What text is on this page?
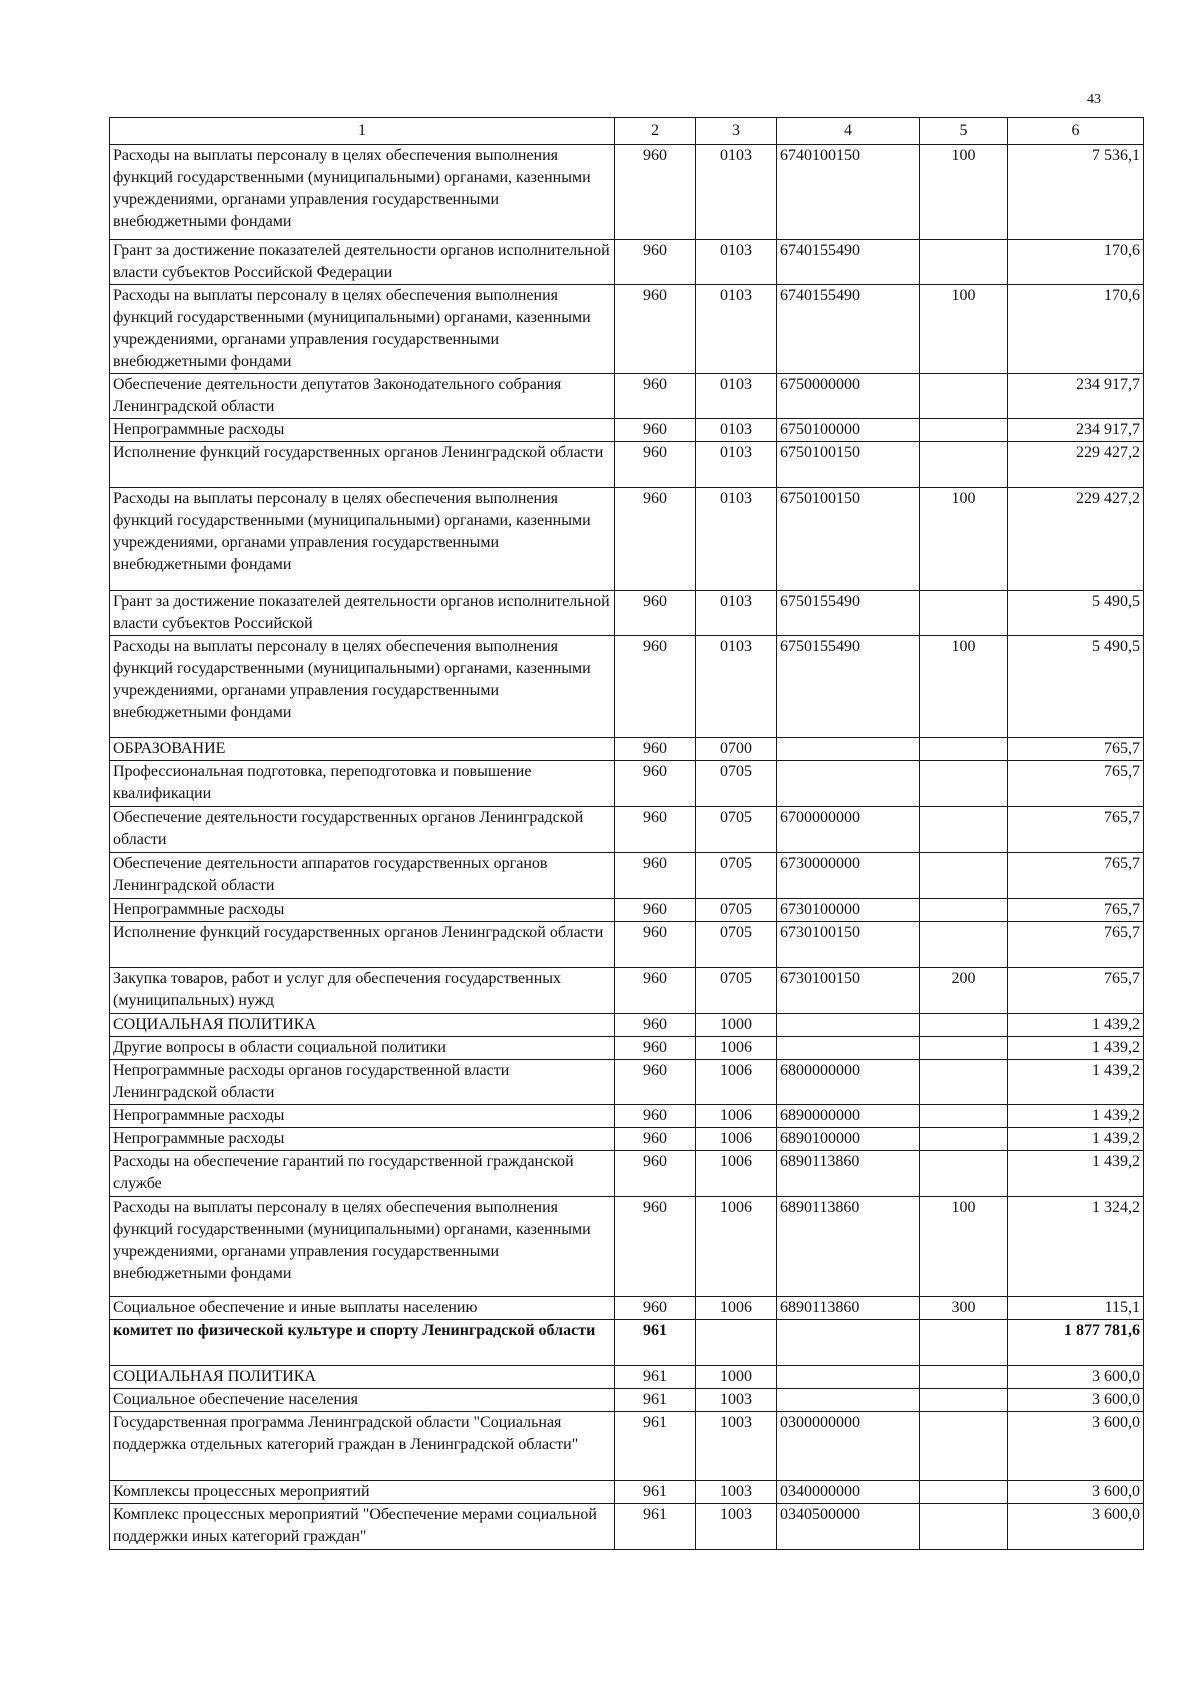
43
1	2	3	4	5	6
Расходы на выплаты персоналу в целях обеспечения выполнения функций государственными (муниципальными) органами, казенными учреждениями, органами управления государственными внебюджетными фондами	960	0103	6740100150	100	7 536,1
Грант за достижение показателей деятельности органов исполнительной власти субъектов Российской Федерации	960	0103	6740155490		170,6
Расходы на выплаты персоналу в целях обеспечения выполнения функций государственными (муниципальными) органами, казенными учреждениями, органами управления государственными внебюджетными фондами	960	0103	6740155490	100	170,6
Обеспечение деятельности депутатов Законодательного собрания Ленинградской области	960	0103	6750000000		234 917,7
Непрограммные расходы	960	0103	6750100000		234 917,7
Исполнение функций государственных органов Ленинградской области	960	0103	6750100150		229 427,2
Расходы на выплаты персоналу в целях обеспечения выполнения функций государственными (муниципальными) органами, казенными учреждениями, органами управления государственными внебюджетными фондами	960	0103	6750100150	100	229 427,2
Грант за достижение показателей деятельности органов исполнительной власти субъектов Российской	960	0103	6750155490		5 490,5
Расходы на выплаты персоналу в целях обеспечения выполнения функций государственными (муниципальными) органами, казенными учреждениями, органами управления государственными внебюджетными фондами	960	0103	6750155490	100	5 490,5
ОБРАЗОВАНИЕ	960	0700			765,7
Профессиональная подготовка, переподготовка и повышение квалификации	960	0705			765,7
Обеспечение деятельности государственных органов Ленинградской области	960	0705	6700000000		765,7
Обеспечение деятельности аппаратов государственных органов Ленинградской области	960	0705	6730000000		765,7
Непрограммные расходы	960	0705	6730100000		765,7
Исполнение функций государственных органов Ленинградской области	960	0705	6730100150		765,7
Закупка товаров, работ и услуг для обеспечения государственных (муниципальных) нужд	960	0705	6730100150	200	765,7
СОЦИАЛЬНАЯ ПОЛИТИКА	960	1000			1 439,2
Другие вопросы в области социальной политики	960	1006			1 439,2
Непрограммные расходы органов государственной власти Ленинградской области	960	1006	6800000000		1 439,2
Непрограммные расходы	960	1006	6890000000		1 439,2
Непрограммные расходы	960	1006	6890100000		1 439,2
Расходы на обеспечение гарантий по государственной гражданской службе	960	1006	6890113860		1 439,2
Расходы на выплаты персоналу в целях обеспечения выполнения функций государственными (муниципальными) органами, казенными учреждениями, органами управления государственными внебюджетными фондами	960	1006	6890113860	100	1 324,2
Социальное обеспечение и иные выплаты населению	960	1006	6890113860	300	115,1
комитет по физической культуре и спорту Ленинградской области	961				1 877 781,6
СОЦИАЛЬНАЯ ПОЛИТИКА	961	1000			3 600,0
Социальное обеспечение населения	961	1003			3 600,0
Государственная программа Ленинградской области "Социальная поддержка отдельных категорий граждан в Ленинградской области"	961	1003	0300000000		3 600,0
Комплексы процессных мероприятий	961	1003	0340000000		3 600,0
Комплекс процессных мероприятий "Обеспечение мерами социальной поддержки иных категорий граждан"	961	1003	0340500000		3 600,0
